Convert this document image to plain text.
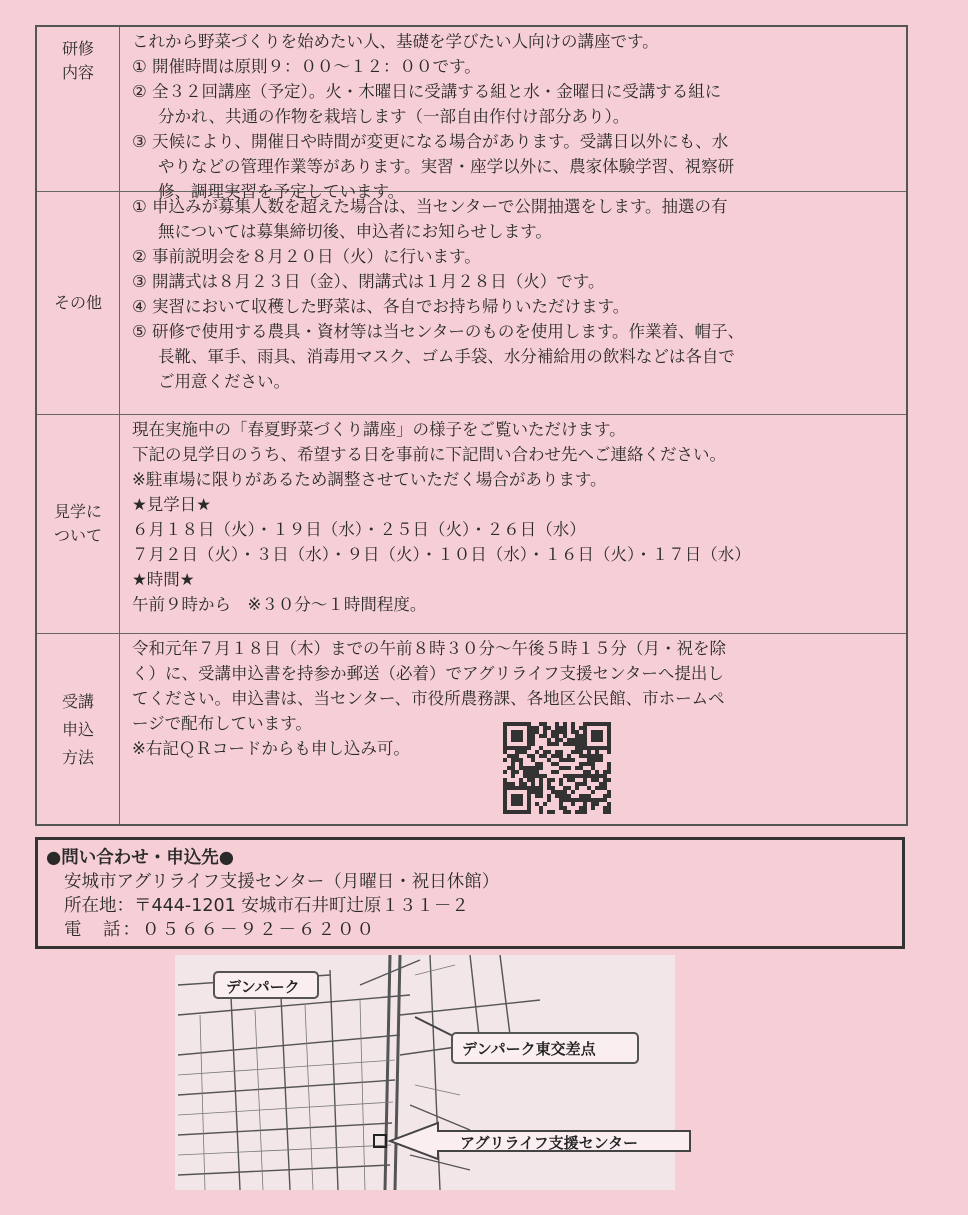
研修
内容
これから野菜づくりを始めたい人、基礎を学びたい人向けの講座です。
① 開催時間は原則９：００～１２：００です。
② 全３２回講座（予定）。火・木曜日に受講する組と水・金曜日に受講する組に
分かれ、共通の作物を栽培します（一部自由作付け部分あり）。
③ 天候により、開催日や時間が変更になる場合があります。受講日以外にも、水
やりなどの管理作業等があります。実習・座学以外に、農家体験学習、視察研
修、調理実習を予定しています。
その他
① 申込みが募集人数を超えた場合は、当センターで公開抽選をします。抽選の有
無については募集締切後、申込者にお知らせします。
② 事前説明会を８月２０日（火）に行います。
③ 開講式は８月２３日（金）、閉講式は１月２８日（火）です。
④ 実習において収穫した野菜は、各自でお持ち帰りいただけます。
⑤ 研修で使用する農具・資材等は当センターのものを使用します。作業着、帽子、
長靴、軍手、雨具、消毒用マスク、ゴム手袋、水分補給用の飲料などは各自で
ご用意ください。
見学に
ついて
現在実施中の「春夏野菜づくり講座」の様子をご覧いただけます。
下記の見学日のうち、希望する日を事前に下記問い合わせ先へご連絡ください。
※駐車場に限りがあるため調整させていただく場合があります。
★見学日★
６月１８日（火）・１９日（水）・２５日（火）・２６日（水）
７月２日（火）・３日（水）・９日（火）・１０日（水）・１６日（火）・１７日（水）
★時間★
午前９時から　※３０分～１時間程度。
受講
申込
方法
令和元年７月１８日（木）までの午前８時３０分～午後５時１５分（月・祝を除
く）に、受講申込書を持参か郵送（必着）でアグリライフ支援センターへ提出し
てください。申込書は、当センター、市役所農務課、各地区公民館、市ホームペ
ージで配布しています。
※右記ＱＲコードからも申し込み可。
●問い合わせ・申込先●

安城市アグリライフ支援センター（月曜日・祝日休館）
所在地：〒444-1201 安城市石井町辻原１３１－２
電　話：０５６６－９２－６２００
デンパーク
デンパーク東交差点
アグリライフ支援センター
